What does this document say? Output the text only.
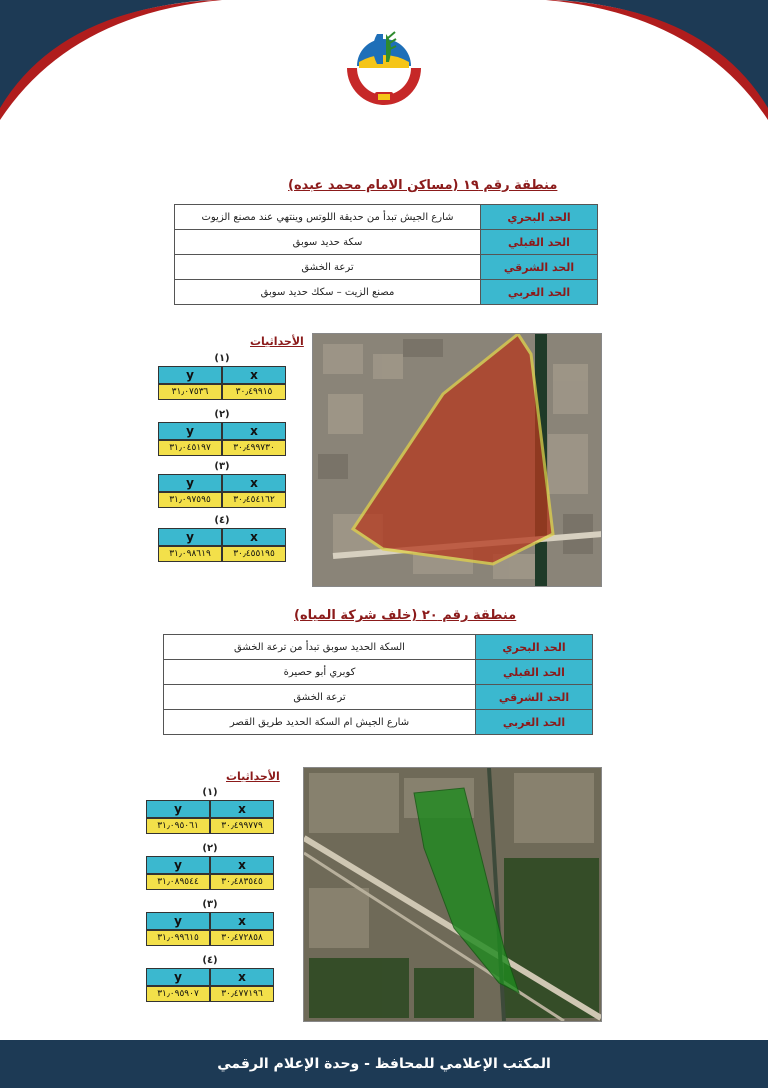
منطقة رقم ١٩ (مساكن الامام محمد عبده)
الحد البحري	شارع الجيش تبدأ من حديقة اللوتس وينتهي عند مصنع الزيوت
الحد القبلي	سكة حديد سوبق
الحد الشرقي	ترعة الخشق
الحد الغربي	مصنع الزيت – سكك حديد سوبق
الأحداثيات
(١)
y	x
٣١٫٠٧٥٣٦	٣٠٫٤٩٩١٥
(٢)
y	x
٣١٫٠٤٥١٩٧	٣٠٫٤٩٩٧٣٠
(٣)
y	x
٣١٫٠٩٧٥٩٥	٣٠٫٤٥٤١٦٢
(٤)
y	x
٣١٫٠٩٨٦١٩	٣٠٫٤٥٥١٩٥
منطقة رقم ٢٠ (خلف شركة المياه)
الحد البحري	السكة الحديد سوبق تبدأ من ترعة الخشق
الحد القبلي	كوبري أبو حصيرة
الحد الشرقي	ترعة الخشق
الحد الغربي	شارع الجيش ام السكة الحديد طريق القصر
الأحداثيات
(١)
y	x
٣١٫٠٩٥٠٦١	٣٠٫٤٩٩٧٧٩
(٢)
y	x
٣١٫٠٨٩٥٤٤	٣٠٫٤٨٣٥٤٥
(٣)
y	x
٣١٫٠٩٩٦١٥	٣٠٫٤٧٢٨٥٨
(٤)
y	x
٣١٫٠٩٥٩٠٧	٣٠٫٤٧٧١٩٦
المكتب الإعلامي للمحافظ - وحدة الإعلام الرقمي
